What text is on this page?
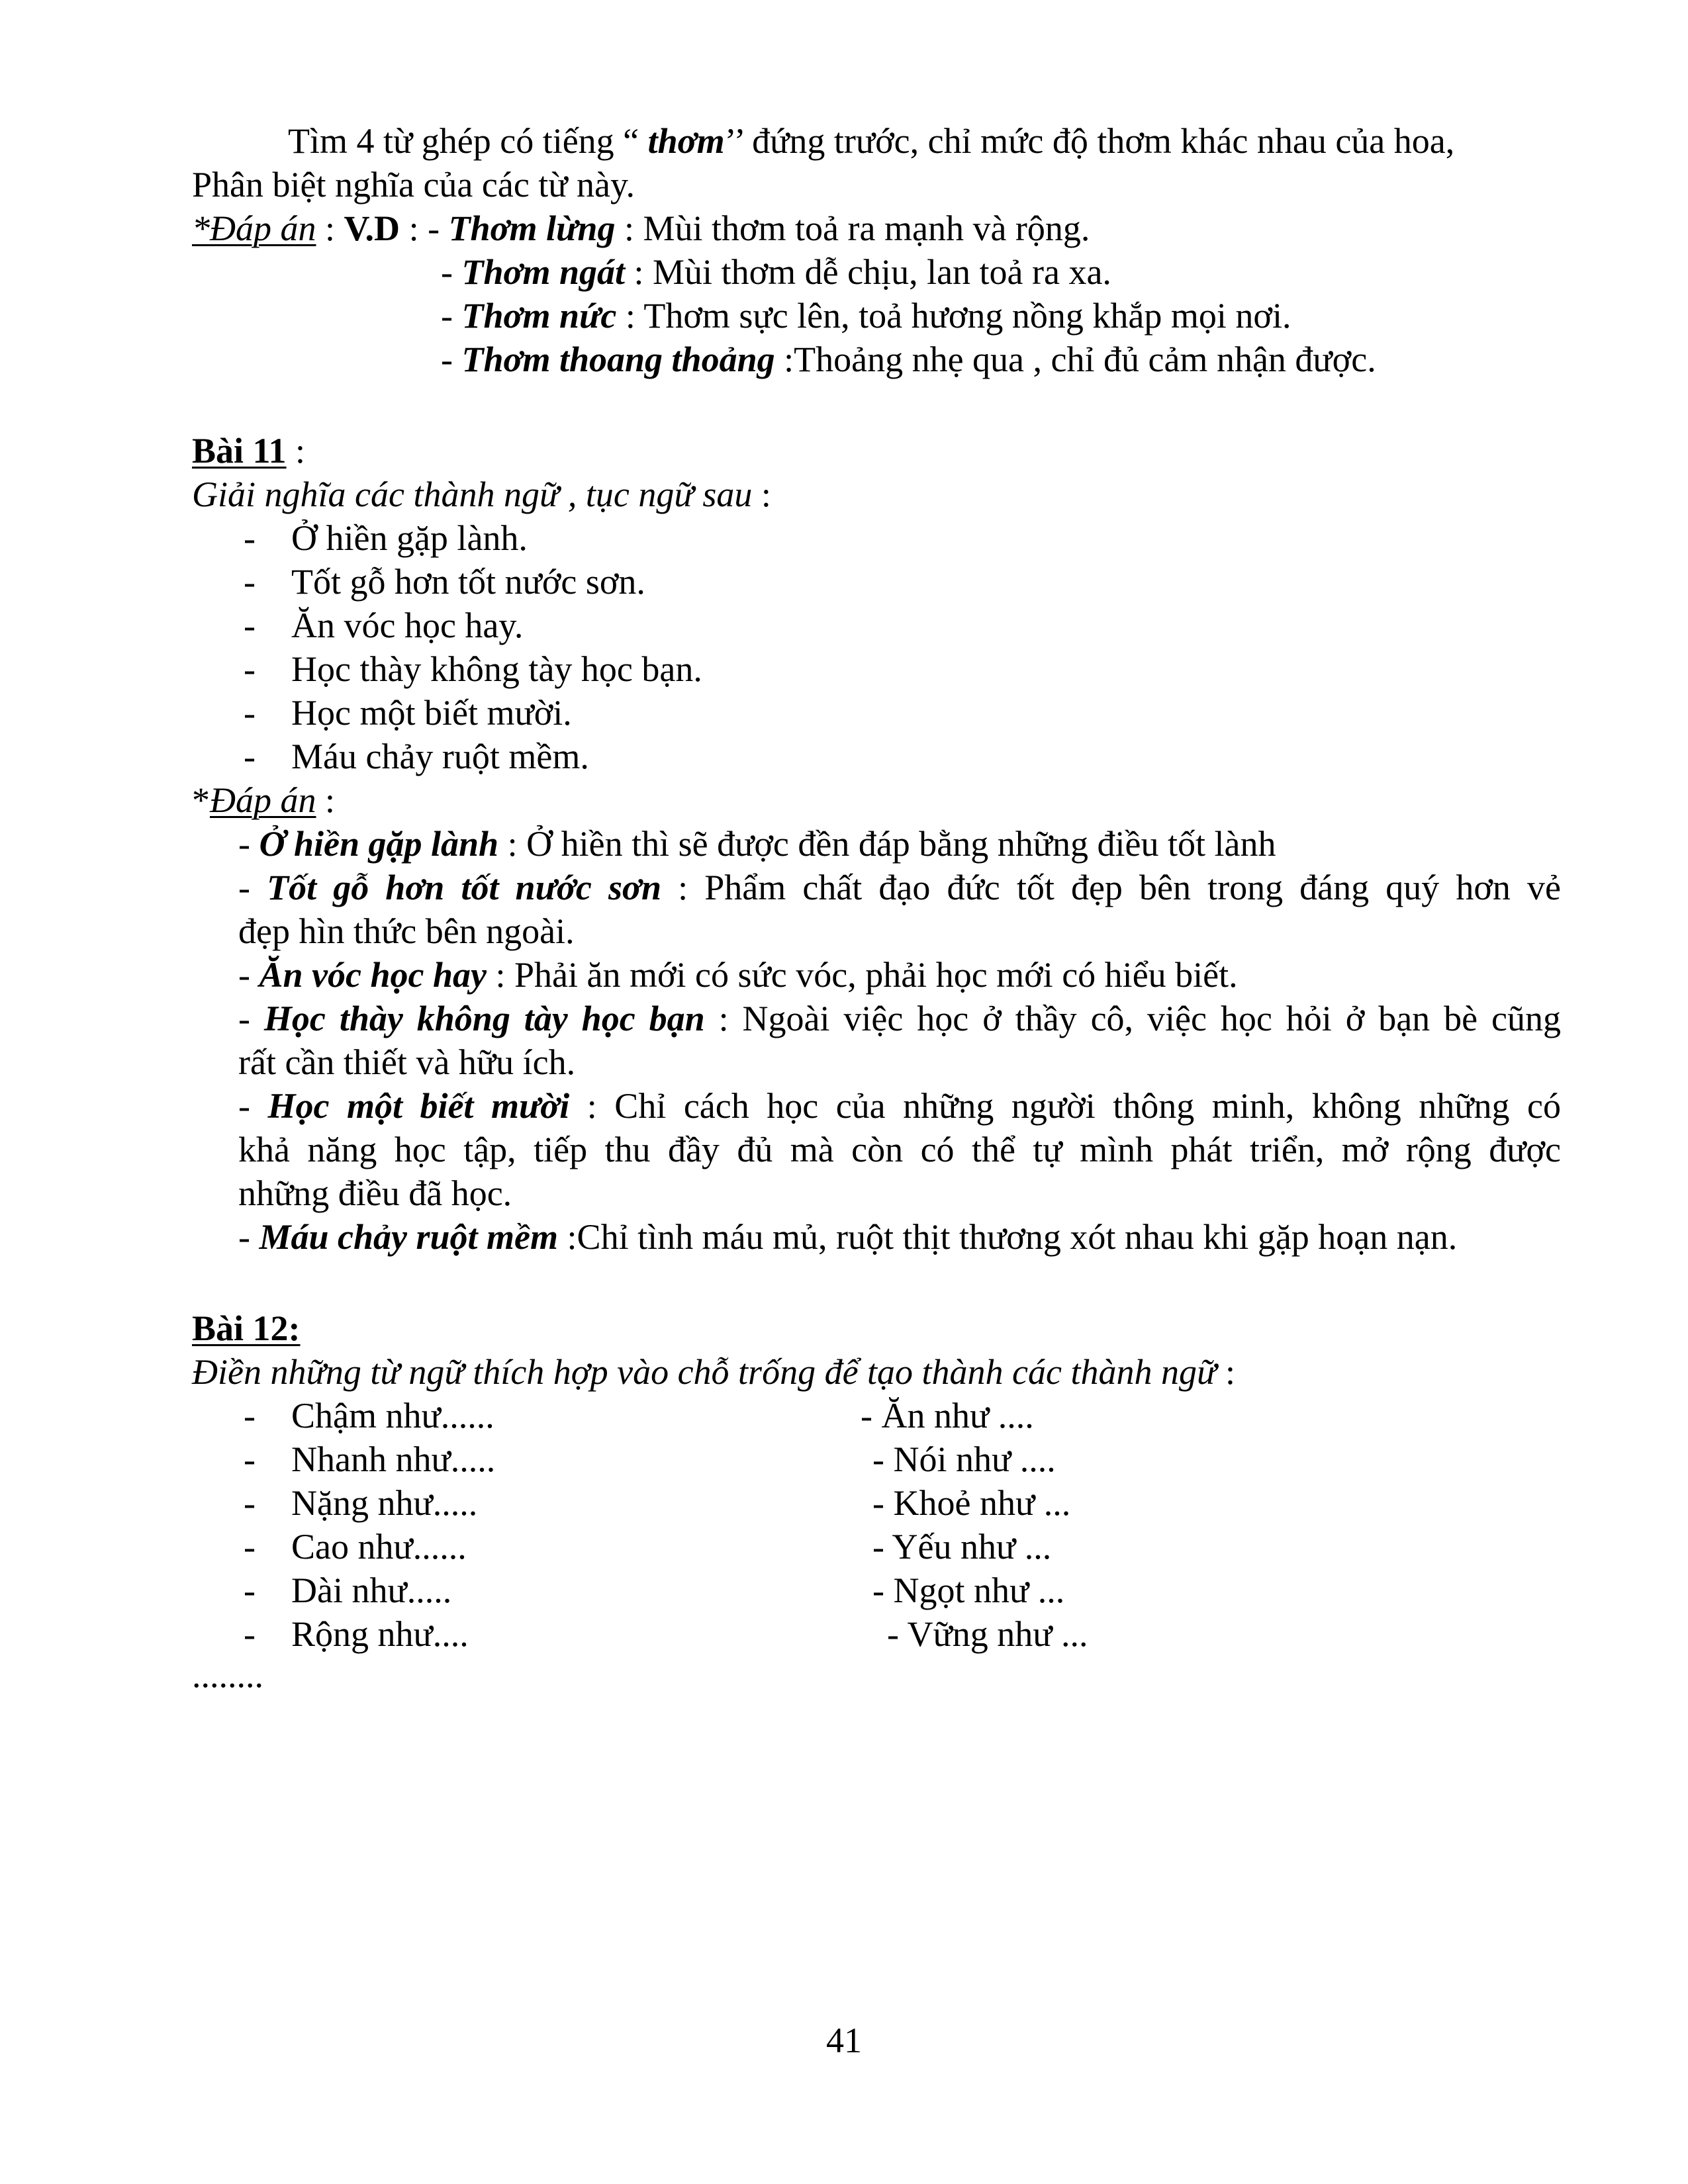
Tìm 4 từ ghép có tiếng “ thơm’’ đứng trước, chỉ mức độ thơm khác nhau của hoa,
Phân biệt nghĩa của các từ này.
*Đáp án : V.D : - Thơm lừng : Mùi thơm toả ra mạnh và rộng.
- Thơm ngát : Mùi thơm dễ chịu, lan toả ra xa.
- Thơm nức : Thơm sực lên, toả hương nồng khắp mọi nơi.
- Thơm thoang thoảng :Thoảng nhẹ qua , chỉ đủ cảm nhận được.
Bài 11 :
Giải nghĩa các thành ngữ , tục ngữ sau :
- Ở hiền gặp lành.
- Tốt gỗ hơn tốt nước sơn.
- Ăn vóc học hay.
- Học thày không tày học bạn.
- Học một biết mười.
- Máu chảy ruột mềm.
*Đáp án :
- Ở hiền gặp lành : Ở hiền thì sẽ được đền đáp bằng những điều tốt lành
- Tốt gỗ hơn tốt nước sơn : Phẩm chất đạo đức tốt đẹp bên trong đáng quý hơn vẻ
đẹp hìn thức bên ngoài.
- Ăn vóc học hay : Phải ăn mới có sức vóc, phải học mới có hiểu biết.
- Học thày không tày học bạn : Ngoài việc học ở thầy cô, việc học hỏi ở bạn bè cũng
rất cần thiết và hữu ích.
- Học một biết mười : Chỉ cách học của những người thông minh, không những có
khả năng học tập, tiếp thu đầy đủ mà còn có thể tự mình phát triển, mở rộng được
những điều đã học.
- Máu chảy ruột mềm :Chỉ tình máu mủ, ruột thịt thương xót nhau khi gặp hoạn nạn.
Bài 12:
Điền những từ ngữ thích hợp vào chỗ trống để tạo thành các thành ngữ :
- Chậm như......
- Nhanh như.....
- Nặng như.....
- Cao như......
- Dài như.....
- Rộng như....
- Ăn như ....
- Nói như ....
- Khoẻ như ...
- Yếu như ...
- Ngọt như ...
- Vững như ...
........
41
